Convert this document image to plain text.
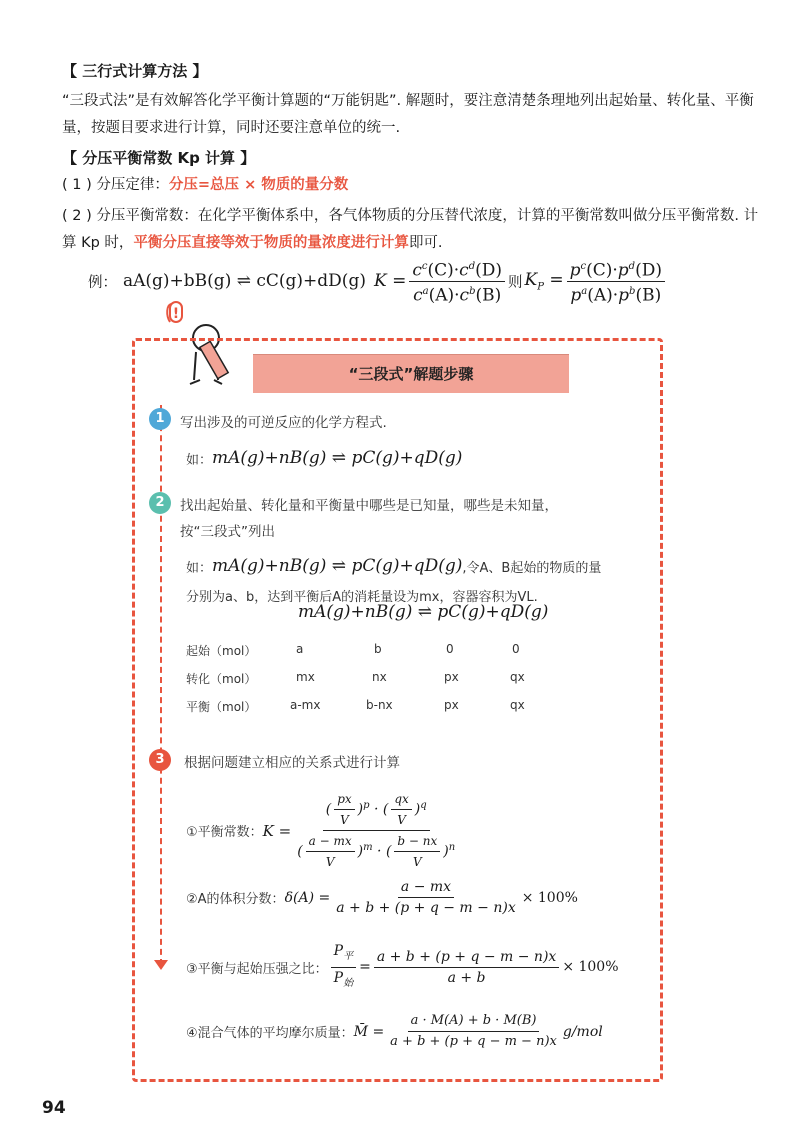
【 三行式计算方法 】
“三段式法”是有效解答化学平衡计算题的“万能钥匙”. 解题时，要注意清楚条理地列出起始量、转化量、平衡量，按题目要求进行计算，同时还要注意单位的统一.
【 分压平衡常数 Kp 计算 】
( 1 ) 分压定律：分压=总压 × 物质的量分数
( 2 ) 分压平衡常数：在化学平衡体系中，各气体物质的分压替代浓度，计算的平衡常数叫做分压平衡常数. 计算 Kp 时，平衡分压直接等效于物质的量浓度进行计算即可.
例： aA(g)+bB(g) ⇌ cC(g)+dD(g) $K = \frac{c^c(C)\cdot c^d(D)}{c^a(A)\cdot c^b(B)}$ 则 $K_P = \frac{p^c(C)\cdot p^d(D)}{p^a(A)\cdot p^b(B)}$
!
“三段式”解题步骤
1	写出涉及的可逆反应的化学方程式.
如： mA(g)+nB(g) ⇌ pC(g)+qD(g)
2	找出起始量、转化量和平衡量中哪些是已知量，哪些是未知量，
按“三段式”列出
如： mA(g)+nB(g) ⇌ pC(g)+qD(g) ,令A、B起始的物质的量
分别为a、b，达到平衡后A的消耗量设为mx，容器容积为VL.
mA(g)+nB(g) ⇌ pC(g)+qD(g)
起始（mol）	a	b	0	0
转化（mol）	mx	nx	px	qx
平衡（mol）	a-mx	b-nx	px	qx
3	根据问题建立相应的关系式进行计算
①平衡常数： $K = \frac{( \frac{px}{V} )^p \cdot ( \frac{qx}{V} )^q}{( \frac{a - mx}{V} )^m \cdot ( \frac{b - nx}{V} )^n}$
②A的体积分数： $\delta(A) = \frac{a - mx}{a + b + (p + q - m - n)x} \times 100\%$
③平衡与起始压强之比： $\frac{P_平}{P_始} = \frac{a + b + (p + q - m - n)x}{a + b} \times 100\%$
④混合气体的平均摩尔质量： M̄ = $\frac{a \cdot M(A) + b \cdot M(B)}{a + b + (p + q - m - n)x} g/mol$
94
